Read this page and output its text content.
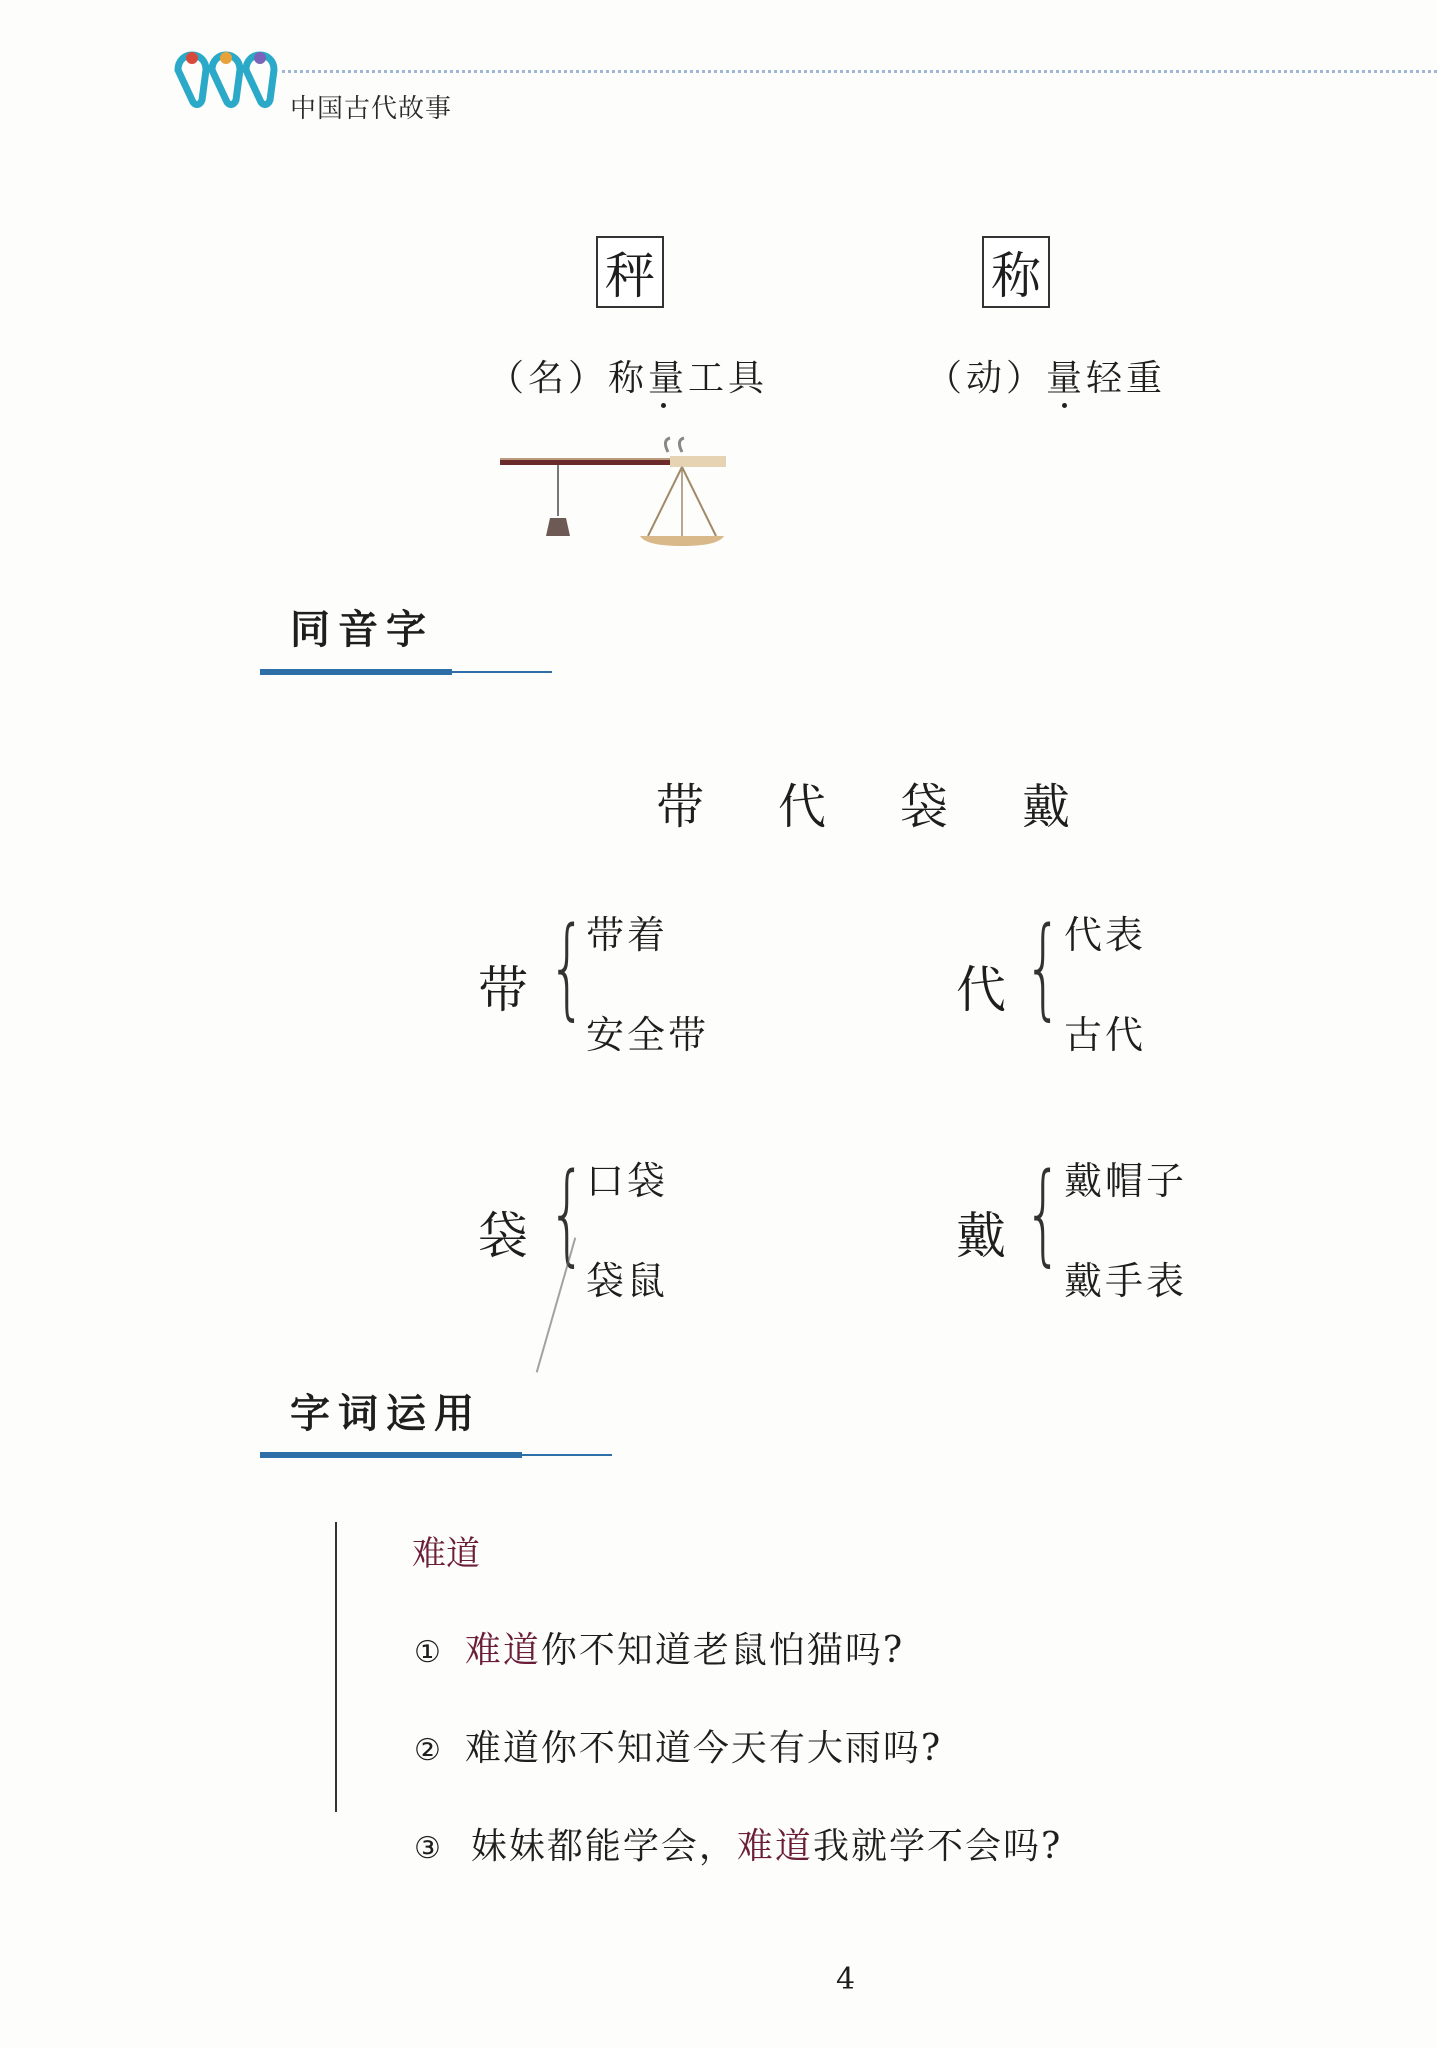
中国古代故事
秤	称
（名）称量工具	（动）量轻重
同音字
带 代 袋 戴
带 { 带着
安全带
代 { 代表
古代
袋 { 口袋
袋鼠
戴 { 戴帽子
戴手表
字词运用
难道
① 难道 你不知道老鼠怕猫吗?
② 难道你不知道今天有大雨吗?
③ 妹妹都能学会， 难道 我就学不会吗?
4
